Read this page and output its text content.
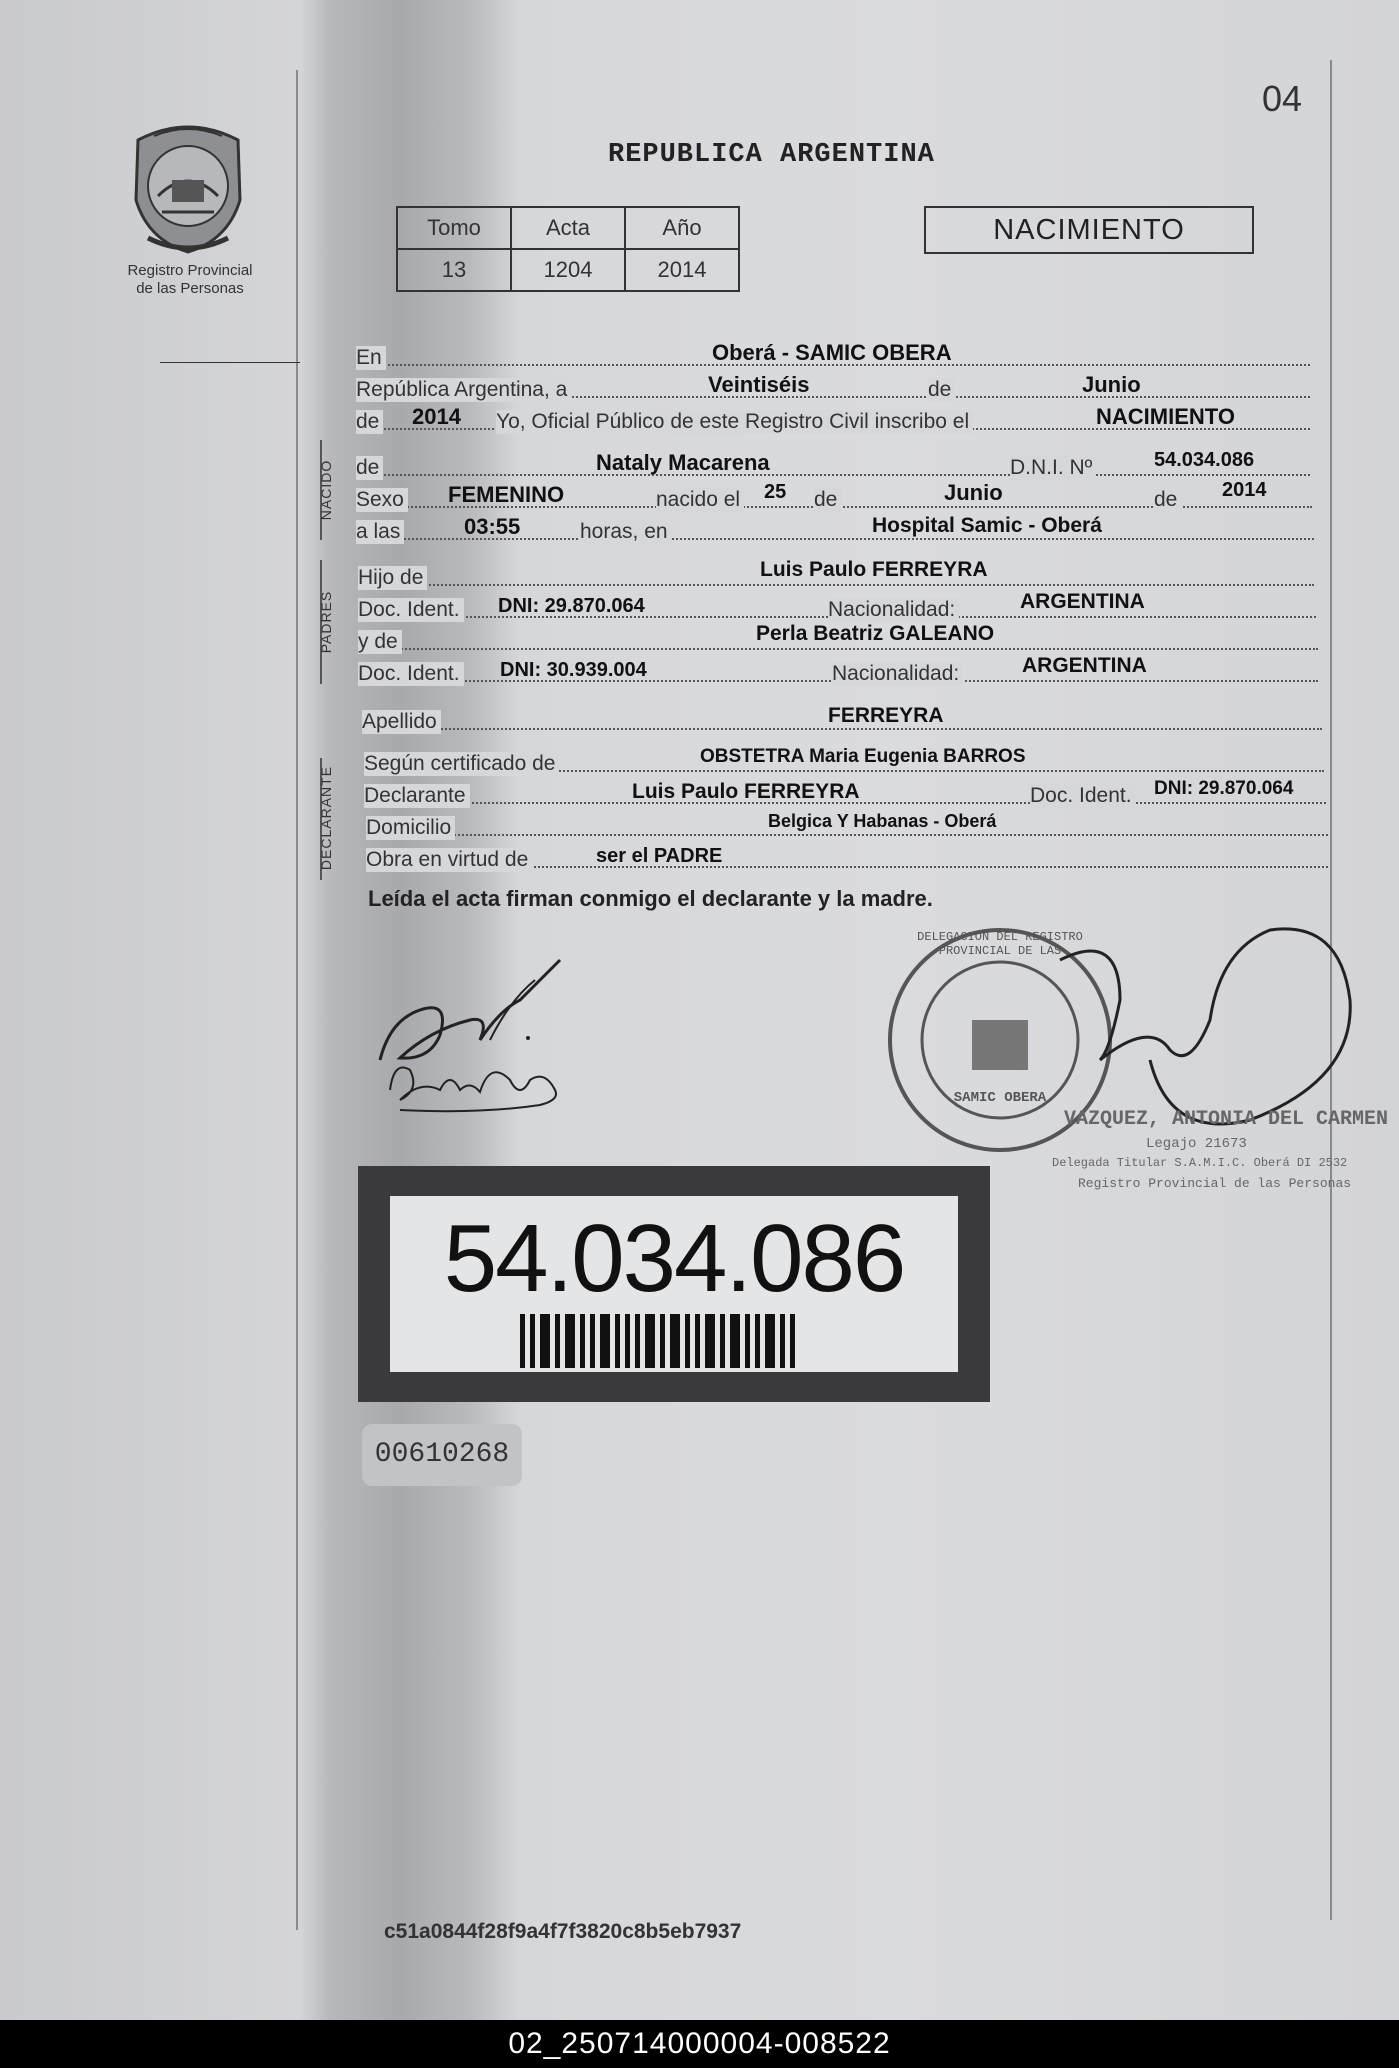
04
Registro Provincial
de las Personas
REPUBLICA ARGENTINA
Tomo	Acta	Año
13	1204	2014
NACIMIENTO
NACIDO
PADRES
DECLARANTE
En	Oberá - SAMIC OBERA
República Argentina, a	Veintiséis	de	Junio
de 2014 Yo, Oficial Público de este Registro Civil inscribo el	NACIMIENTO
de	Nataly Macarena	D.N.I. Nº	54.034.086
Sexo FEMENINO	nacido el 25 de	Junio	de 2014
a las	03:55	horas, en	Hospital Samic - Oberá
Hijo de	Luis Paulo FERREYRA
Doc. Ident. DNI: 29.870.064	Nacionalidad:	ARGENTINA
y de	Perla Beatriz GALEANO
Doc. Ident. DNI: 30.939.004	Nacionalidad:	ARGENTINA
Apellido	FERREYRA
Según certificado de	OBSTETRA Maria Eugenia BARROS
Declarante	Luis Paulo FERREYRA	Doc. Ident. DNI: 29.870.064
Domicilio	Belgica Y Habanas - Oberá
Obra en virtud de	ser el PADRE
Leída el acta firman conmigo el declarante y la madre.
DELEGACION DEL REGISTRO PROVINCIAL DE LAS
SAMIC OBERA
VAZQUEZ, ANTONIA DEL CARMEN
Legajo 21673
Delegada Titular S.A.M.I.C. Oberá DI 2532
Registro Provincial de las Personas
54.034.086
00610268
c51a0844f28f9a4f7f3820c8b5eb7937
02_250714000004-008522
